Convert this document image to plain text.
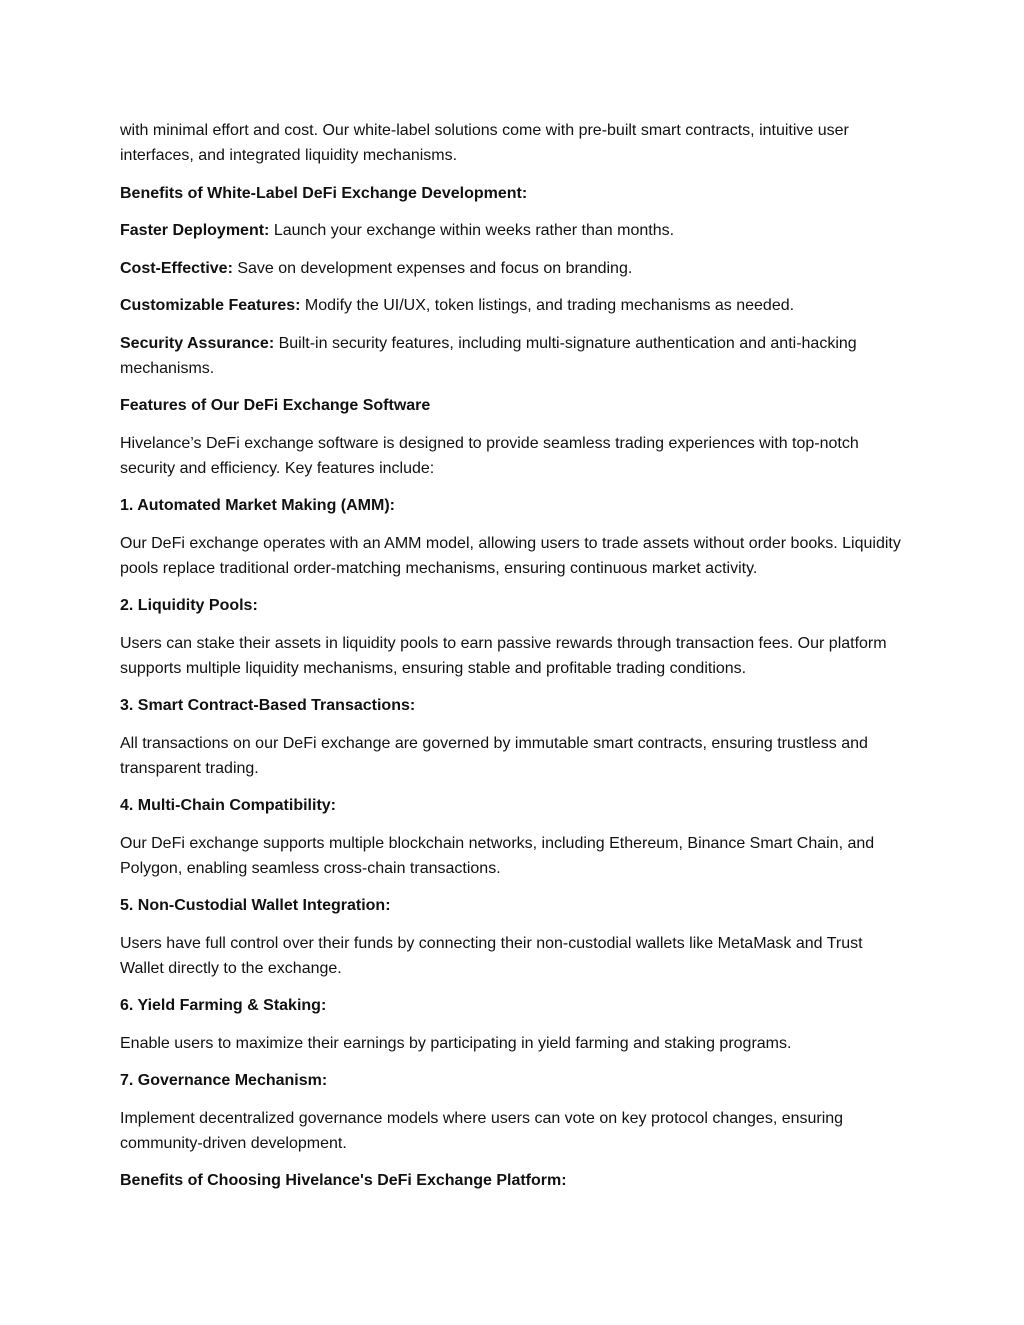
with minimal effort and cost. Our white-label solutions come with pre-built smart contracts, intuitive user interfaces, and integrated liquidity mechanisms.

Benefits of White-Label DeFi Exchange Development:

Faster Deployment: Launch your exchange within weeks rather than months.

Cost-Effective: Save on development expenses and focus on branding.

Customizable Features: Modify the UI/UX, token listings, and trading mechanisms as needed.

Security Assurance: Built-in security features, including multi-signature authentication and anti-hacking mechanisms.

Features of Our DeFi Exchange Software

Hivelance’s DeFi exchange software is designed to provide seamless trading experiences with top-notch security and efficiency. Key features include:

1. Automated Market Making (AMM):

Our DeFi exchange operates with an AMM model, allowing users to trade assets without order books. Liquidity pools replace traditional order-matching mechanisms, ensuring continuous market activity.

2. Liquidity Pools:

Users can stake their assets in liquidity pools to earn passive rewards through transaction fees. Our platform supports multiple liquidity mechanisms, ensuring stable and profitable trading conditions.

3. Smart Contract-Based Transactions:

All transactions on our DeFi exchange are governed by immutable smart contracts, ensuring trustless and transparent trading.

4. Multi-Chain Compatibility:

Our DeFi exchange supports multiple blockchain networks, including Ethereum, Binance Smart Chain, and Polygon, enabling seamless cross-chain transactions.

5. Non-Custodial Wallet Integration:

Users have full control over their funds by connecting their non-custodial wallets like MetaMask and Trust Wallet directly to the exchange.

6. Yield Farming & Staking:

Enable users to maximize their earnings by participating in yield farming and staking programs.

7. Governance Mechanism:

Implement decentralized governance models where users can vote on key protocol changes, ensuring community-driven development.

Benefits of Choosing Hivelance's DeFi Exchange Platform:
